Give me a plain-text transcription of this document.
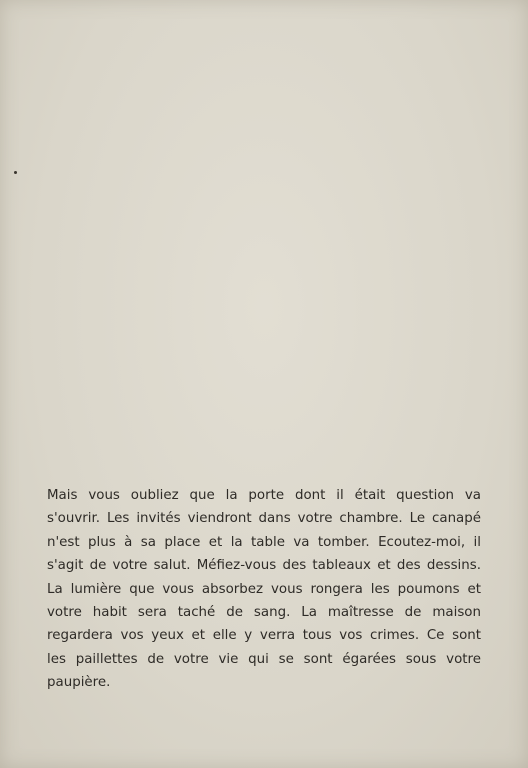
Mais vous oubliez que la porte dont il était question va
s'ouvrir. Les invités viendront dans votre chambre. Le canapé
n'est plus à sa place et la table va tomber. Ecoutez-moi, il
s'agit de votre salut. Méfiez-vous des tableaux et des dessins.
La lumière que vous absorbez vous rongera les poumons et
votre habit sera taché de sang. La maîtresse de maison
regardera vos yeux et elle y verra tous vos crimes. Ce sont
les paillettes de votre vie qui se sont égarées sous votre
paupière.
